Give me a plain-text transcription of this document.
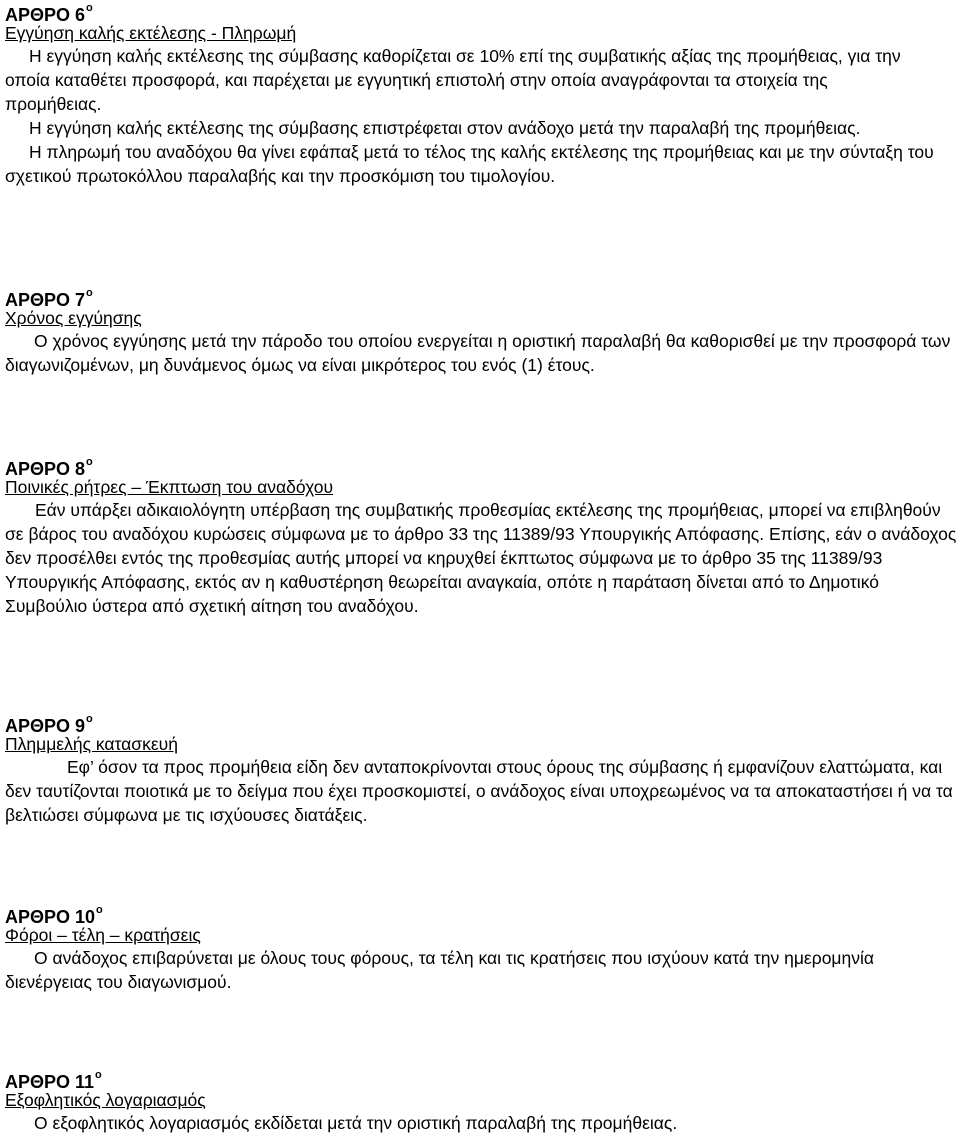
ΑΡΘΡΟ $6^o$
Εγγύηση καλής εκτέλεσης - Πληρωμή

Η εγγύηση καλής εκτέλεσης της σύμβασης καθορίζεται σε 10% επί της συμβατικής αξίας της προμήθειας, για την οποία καταθέτει προσφορά, και παρέχεται με εγγυητική επιστολή στην οποία αναγράφονται τα στοιχεία της προμήθειας.

Η εγγύηση καλής εκτέλεσης της σύμβασης επιστρέφεται στον ανάδοχο μετά την παραλαβή της προμήθειας.

Η πληρωμή του αναδόχου θα γίνει εφάπαξ μετά το τέλος της καλής εκτέλεσης της προμήθειας και με την σύνταξη του σχετικού πρωτοκόλλου παραλαβής και την προσκόμιση του τιμολογίου.

ΑΡΘΡΟ $7^o$
Χρόνος εγγύησης

Ο χρόνος εγγύησης μετά την πάροδο του οποίου ενεργείται η οριστική παραλαβή θα καθορισθεί με την προσφορά των διαγωνιζομένων, μη δυνάμενος όμως να είναι μικρότερος του ενός (1) έτους.

ΑΡΘΡΟ $8^o$
Ποινικές ρήτρες – Έκπτωση του αναδόχου

Εάν υπάρξει αδικαιολόγητη υπέρβαση της συμβατικής προθεσμίας εκτέλεσης της προμήθειας, μπορεί να επιβληθούν σε βάρος του αναδόχου κυρώσεις σύμφωνα με το άρθρο 33 της 11389/93 Υπουργικής Απόφασης. Επίσης, εάν ο ανάδοχος δεν προσέλθει εντός της προθεσμίας αυτής μπορεί να κηρυχθεί έκπτωτος σύμφωνα με το άρθρο 35 της 11389/93 Υπουργικής Απόφασης, εκτός αν η καθυστέρηση θεωρείται αναγκαία, οπότε η παράταση δίνεται από το Δημοτικό Συμβούλιο ύστερα από σχετική αίτηση του αναδόχου.

ΑΡΘΡΟ $9^o$
Πλημμελής κατασκευή

Εφ’ όσον τα προς προμήθεια είδη δεν ανταποκρίνονται στους όρους της σύμβασης ή εμφανίζουν ελαττώματα, και δεν ταυτίζονται ποιοτικά με το δείγμα που έχει προσκομιστεί, ο ανάδοχος είναι υποχρεωμένος να τα αποκαταστήσει ή να τα βελτιώσει σύμφωνα με τις ισχύουσες διατάξεις.

ΑΡΘΡΟ $10^o$
Φόροι – τέλη – κρατήσεις

Ο ανάδοχος επιβαρύνεται με όλους τους φόρους, τα τέλη και τις κρατήσεις που ισχύουν κατά την ημερομηνία διενέργειας του διαγωνισμού.

ΑΡΘΡΟ $11^o$
Εξοφλητικός λογαριασμός

Ο εξοφλητικός λογαριασμός εκδίδεται μετά την οριστική παραλαβή της προμήθειας.
